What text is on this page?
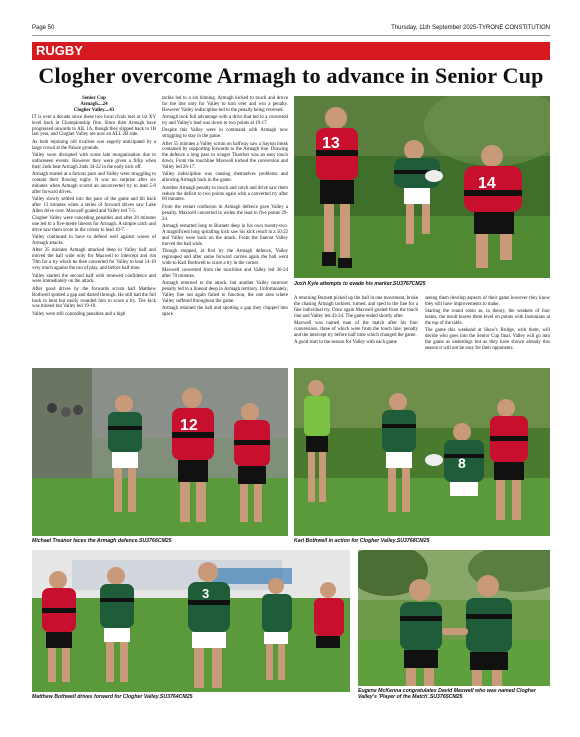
Page 50	Thursday, 11th September 2025-TYRONE CONSTITUTION
RUGBY
Clogher overcome Armagh to advance in Senior Cup
Senior Cup
Armagh....24
Clogher Valley....43

IT is over a decade since these two local rivals met at 1st XV level back in Championship One. Since then Armagh have progressed onwards to AIL 1A, though they slipped back to 1B last year, and Clogher Valley are now an ALL 2B side.

As both rejoining old rivalries was eagerly anticipated by a large crowd at the Palace grounds.

Valley were disrupted with some late reorganisation due to unforeseen events. However they were given a fillip when their 2nds beat Armagh 2nds 34-22 in the early kick off.

Armagh started at a furious pace and Valley were struggling to contain their flowing rugby. It was no surprise after six minutes when Armagh scored an unconverted try to lead 5-0 after forward drives.

Valley slowly settled into the pace of the game and hit back after 13 minutes when a series of forward drives saw Luke Allen drive over. Maxwell goaled and Valley led 7-5.

Clogher Valley were conceding penalties and after 20 minutes one led to a five-metre lineout for Armagh. A simple catch and drive saw them score in the corner to lead 10-7.

Valley continued to have to defend well against waves of Armagh attacks.

After 35 minutes Armagh attacked deep in Valley half and moved the ball wide only for Maxwell to intercept and run 70m for a try which he then converted for Valley to lead 14-10 very much against the run of play, and before half time.

Valley started the second half with renewed confidence and were immediately on the attack.

After good drives by the forwards scrum half Matthew Bothwell spotted a gap and darted through. He still had the full back to beat but easily rounded him to score a try. The kick was missed but Valley led 19-10.

Valley were still conceding penalties and a high

tackle led to a sin binning. Armagh kicked to touch and drove for the line only for Valley to turn over and win a penalty. However Valley indiscipline led to the penalty being reversed.

Armagh took full advantage with a drive that led to a converted try and Valley's lead was down to two points at 19-17.

Despite this Valley were in command with Armagh now struggling to stay in the game.

After 55 minutes a Valley scrum on halfway saw a Sayton break contained by supporting forwards to the Armagh line. Drawing the defence a long pass to winger Thatcher was an easy touch down. From the touchline Maxwell kicked the conversion and Valley led 26-17.

Valley indiscipline was causing themselves problems and allowing Armagh back in the game.

Another Armagh penalty to touch and catch and drive saw them reduce the deficit to two points again with a converted try after 60 minutes.

From the restart confusion in Armagh defence gave Valley a penalty. Maxwell converted to widen the lead to five points 29-24.

Armagh restarted long to Burnett deep in his own twenty-two. A magnificent long spiralling kick saw his kick result in a 50:22 and Valley were back on the attack. From the lineout Valley moved the ball wide.

Though stopped, at first by the Armagh defence, Valley regrouped and after some forward carries again the ball went wide to Karl Bothwell to score a try in the corner.

Maxwell converted from the touchline and Valley led 36-24 after 70 minutes.

Armagh returned to the attack, but another Valley turnover penalty led to a lineout deep in Armagh territory. Unfortunately, Valley line out again failed to function, the one area where Valley suffered throughout the game.

Armagh retained the ball and spotting a gap they chipped into space.

13
14
Josh Kyle attempts to evade his marker.SU3767CM25

A returning Burnett picked up the ball in one movement, broke the chasing Armagh tacklers, turned, and sped to the line for a fine individual try. Once again Maxwell goaled from the touch line and Valley led 43-24. The game ended shortly after.

Maxwell was named man of the match after his four conversions, three of which were from the touch line; penalty and the intercept try before half time which changed the game.

A good start to the season for Valley with each game

seeing them develop aspects of their game however they know they still have improvements to make.

Starting the round robin as, in theory, the weakest of four teams, the result leaves them level on points with Instonians at the top of the table.

The game this weekend at Shaw's Bridge, with them, will decide who goes into the Senior Cup final. Valley will go into the game as underdogs but as they have shown already this season it will not be easy for their opponents.

12
Michael Treanor faces the Armagh defence.SU3766CM25
8
Karl Bothwell in action for Clogher Valley.SU3768CM25
3
Matthew Bothwell drives forward for Clogher Valley.SU3764CM25
Eugene McKenna congratulates David Maxwell who was named Clogher Valley's 'Player of the Match'.SU3765CM25
